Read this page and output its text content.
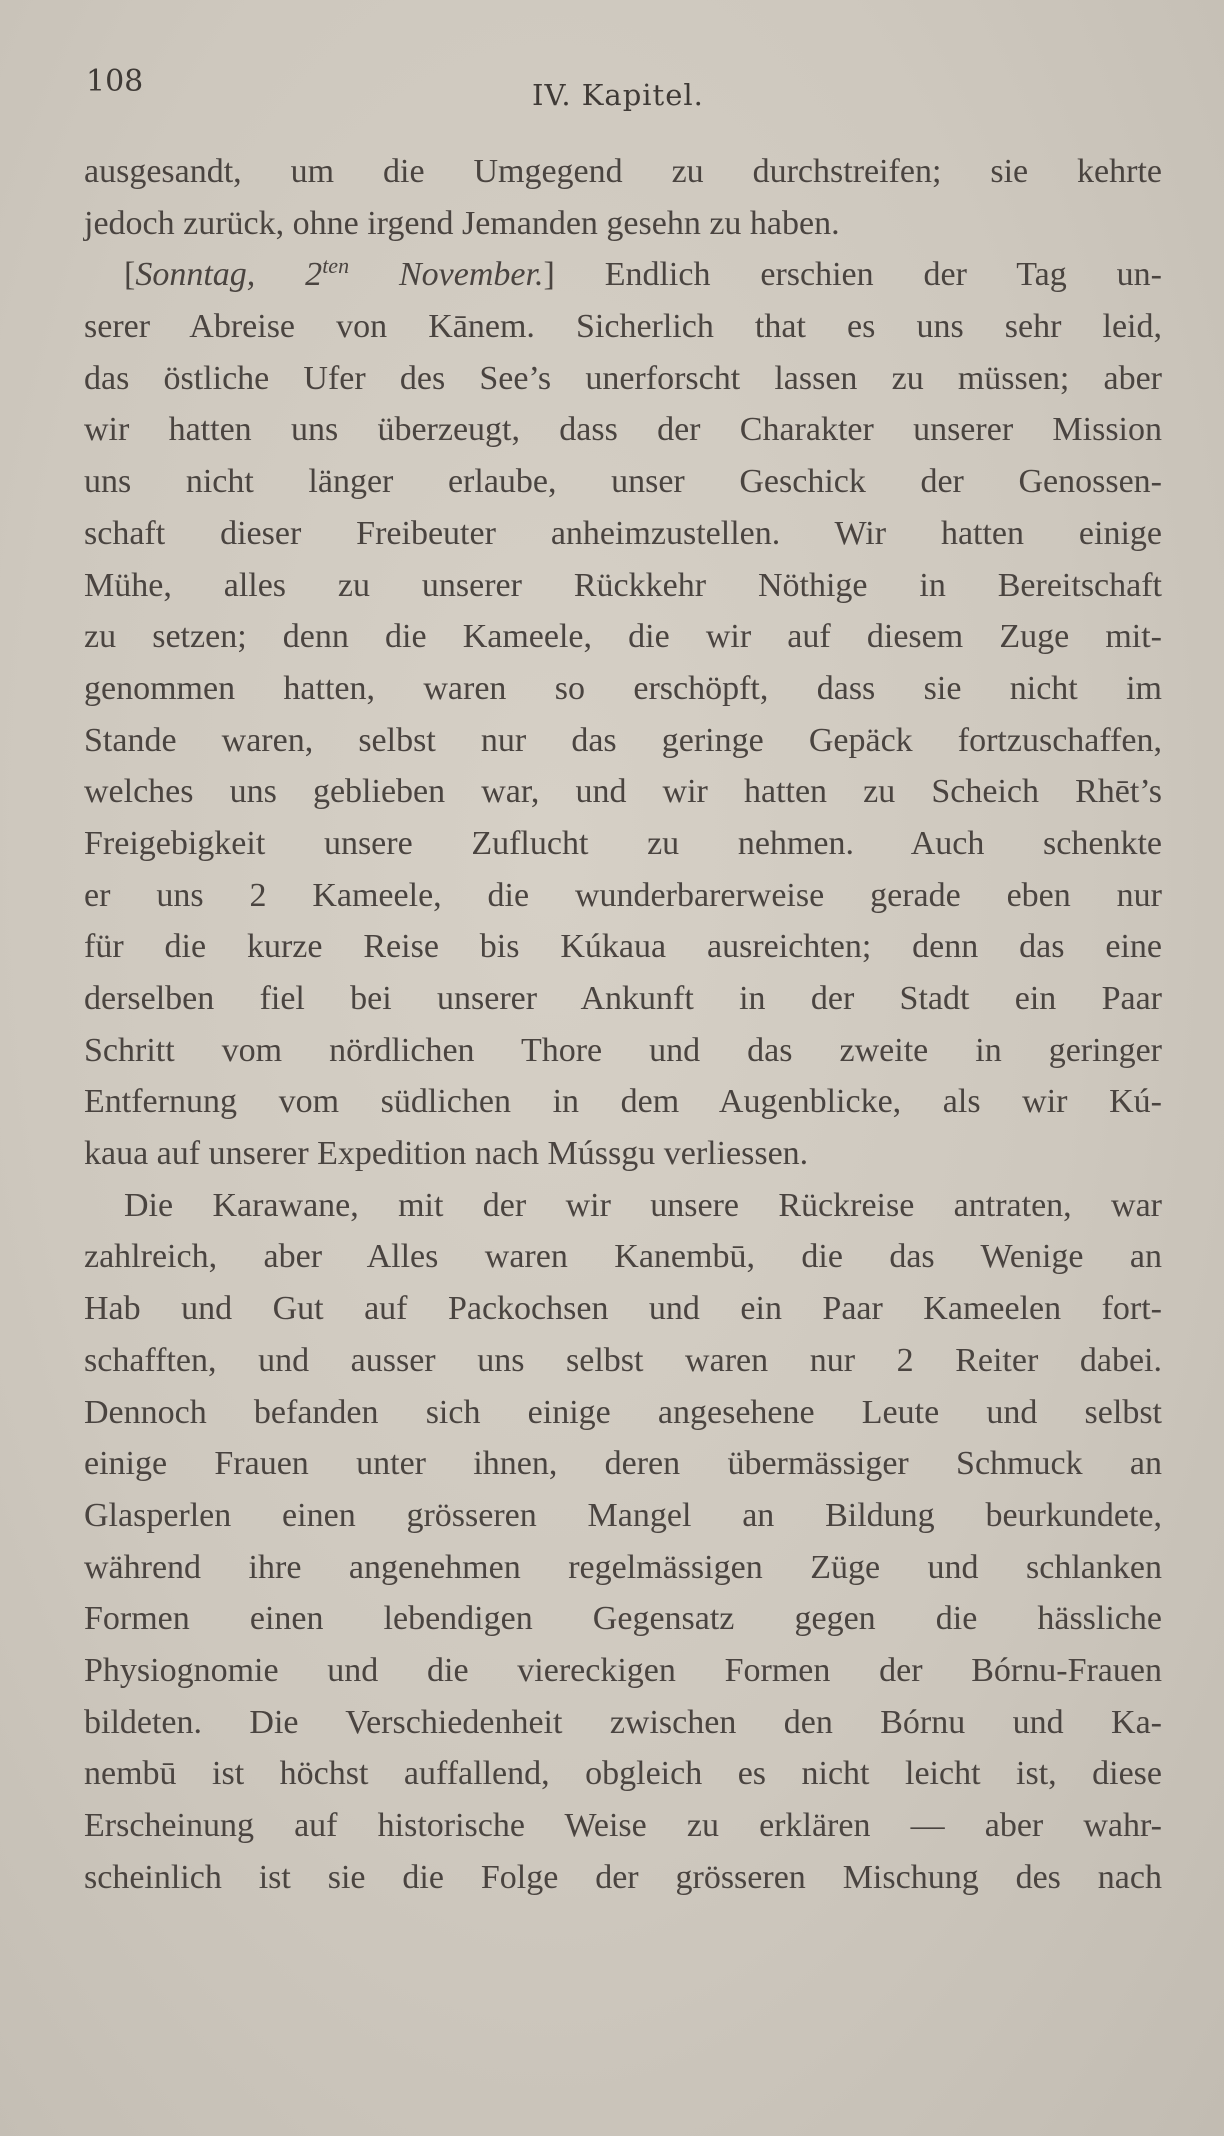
108	IV. Kapitel.
ausgesandt, um die Umgegend zu durchstreifen; sie kehrte
jedoch zurück, ohne irgend Jemanden gesehn zu haben.
[Sonntag, $2^{ten}$ November.] Endlich erschien der Tag un-
serer Abreise von Kānem. Sicherlich that es uns sehr leid,
das östliche Ufer des See’s unerforscht lassen zu müssen; aber
wir hatten uns überzeugt, dass der Charakter unserer Mission
uns nicht länger erlaube, unser Geschick der Genossen-
schaft dieser Freibeuter anheimzustellen. Wir hatten einige
Mühe, alles zu unserer Rückkehr Nöthige in Bereitschaft
zu setzen; denn die Kameele, die wir auf diesem Zuge mit-
genommen hatten, waren so erschöpft, dass sie nicht im
Stande waren, selbst nur das geringe Gepäck fortzuschaffen,
welches uns geblieben war, und wir hatten zu Scheich Rhēt’s
Freigebigkeit unsere Zuflucht zu nehmen. Auch schenkte
er uns 2 Kameele, die wunderbarerweise gerade eben nur
für die kurze Reise bis Kúkaua ausreichten; denn das eine
derselben fiel bei unserer Ankunft in der Stadt ein Paar
Schritt vom nördlichen Thore und das zweite in geringer
Entfernung vom südlichen in dem Augenblicke, als wir Kú-
kaua auf unserer Expedition nach Mússgu verliessen.
Die Karawane, mit der wir unsere Rückreise antraten, war
zahlreich, aber Alles waren Kanembū, die das Wenige an
Hab und Gut auf Packochsen und ein Paar Kameelen fort-
schafften, und ausser uns selbst waren nur 2 Reiter dabei.
Dennoch befanden sich einige angesehene Leute und selbst
einige Frauen unter ihnen, deren übermässiger Schmuck an
Glasperlen einen grösseren Mangel an Bildung beurkundete,
während ihre angenehmen regelmässigen Züge und schlanken
Formen einen lebendigen Gegensatz gegen die hässliche
Physiognomie und die viereckigen Formen der Bórnu-Frauen
bildeten. Die Verschiedenheit zwischen den Bórnu und Ka-
nembū ist höchst auffallend, obgleich es nicht leicht ist, diese
Erscheinung auf historische Weise zu erklären — aber wahr-
scheinlich ist sie die Folge der grösseren Mischung des nach
